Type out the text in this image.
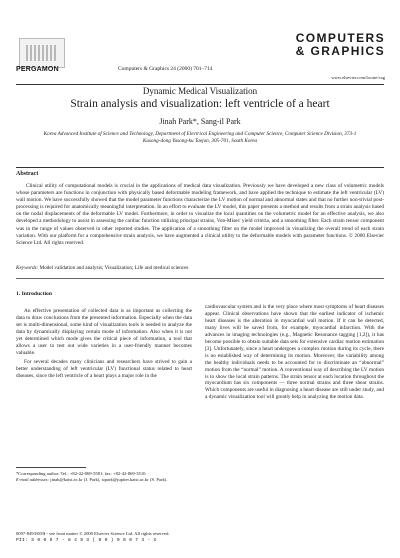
PERGAMON	Computers & Graphics 24 (2000) 701–714
COMPUTERS
& GRAPHICS
www.elsevier.com/locate/cag
Dynamic Medical Visualization
Strain analysis and visualization: left ventricle of a heart
Jinah Park*, Sang-il Park
Korea Advanced Institute of Science and Technology, Department of Electrical Engineering and Computer Science, Computer Science Division, 373-1 Kusong-dong Yusong-ku Taejon, 305-701, South Korea
Abstract
Clinical utility of computational models is crucial in the applications of medical data visualization. Previously we have developed a new class of volumetric models whose parameters are functions in conjunction with physically based deformable modeling framework, and have applied the technique to estimate the left ventricular (LV) wall motion. We have successfully showed that the model parameter functions characterize the LV motion of normal and abnormal states and that no further non-trivial post-processing is required for anatomically meaningful interpretation. In an effort to evaluate the LV model, this paper presents a method and results from a strain analysis based on the nodal displacements of the deformable LV model. Furthermore, in order to visualize the local quantities on the volumetric model for an effective analysis, we also developed a methodology to assist in assessing the cardiac function utilizing principal strains, Von-Mises' yield criteria, and a smoothing filter. Each strain tensor component was in the range of values observed in other reported studies. The application of a smoothing filter on the model improved in visualizing the overall trend of each strain variation. With our platform for a comprehensive strain analysis, we have augmented a clinical utility to the deformable models with parameter functions. © 2000 Elsevier Science Ltd. All rights reserved.
Keywords: Model validation and analysis; Visualization; Life and medical sciences
1. Introduction

An effective presentation of collected data is as important as collecting the data to draw conclusions from the presented information. Especially when the data set is multi-dimensional, some kind of visualization tools is needed to analyze the data by dynamically displaying certain mode of information. Also when it is not yet determined which mode gives the critical piece of information, a tool that allows a user to test out wide varieties in a user-friendly manner becomes valuable.

For several decades many clinicians and researchers have strived to gain a better understanding of left ventricular (LV) functional status related to heart diseases, since the left ventricle of a heart plays a major role in the

cardiovascular system and is the very place where most symptoms of heart diseases appear. Clinical observations have shown that the earliest indicator of ischemic heart diseases is the alteration in myocardial wall motion. If it can be detected, many lives will be saved from, for example, myocardial infarction. With the advances in imaging technologies (e.g., Magnetic Resonance tagging [1,2]), it has become possible to obtain suitable data sets for extensive cardiac motion estimation [3]. Unfortunately, since a heart undergoes a complex motion during its cycle, there is no established way of determining its motion. Moreover, the variability among the healthy individuals needs to be accounted for to discriminate an “abnormal” motion from the “normal” motion. A conventional way of describing the LV motion is to show the local strain patterns. The strain tensor at each location throughout the myocardium has six components — three normal strains and three shear strains. Which components are useful in diagnosing a heart disease are still under study, and a dynamic visualization tool will greatly help in analyzing the motion data.

*Corresponding author. Tel.: +82-42-869-5581; fax: +82-42-869-3510.
E-mail addresses: jinah@kaist.ac.kr (J. Park), sipark@jupiter.kaist.ac.kr (S. Park).
0097-8493/00/$ - see front matter © 2000 Elsevier Science Ltd. All rights reserved.
PII: S 0 0 9 7 - 8 4 9 3 ( 0 0 ) 0 0 0 7 3 - X
